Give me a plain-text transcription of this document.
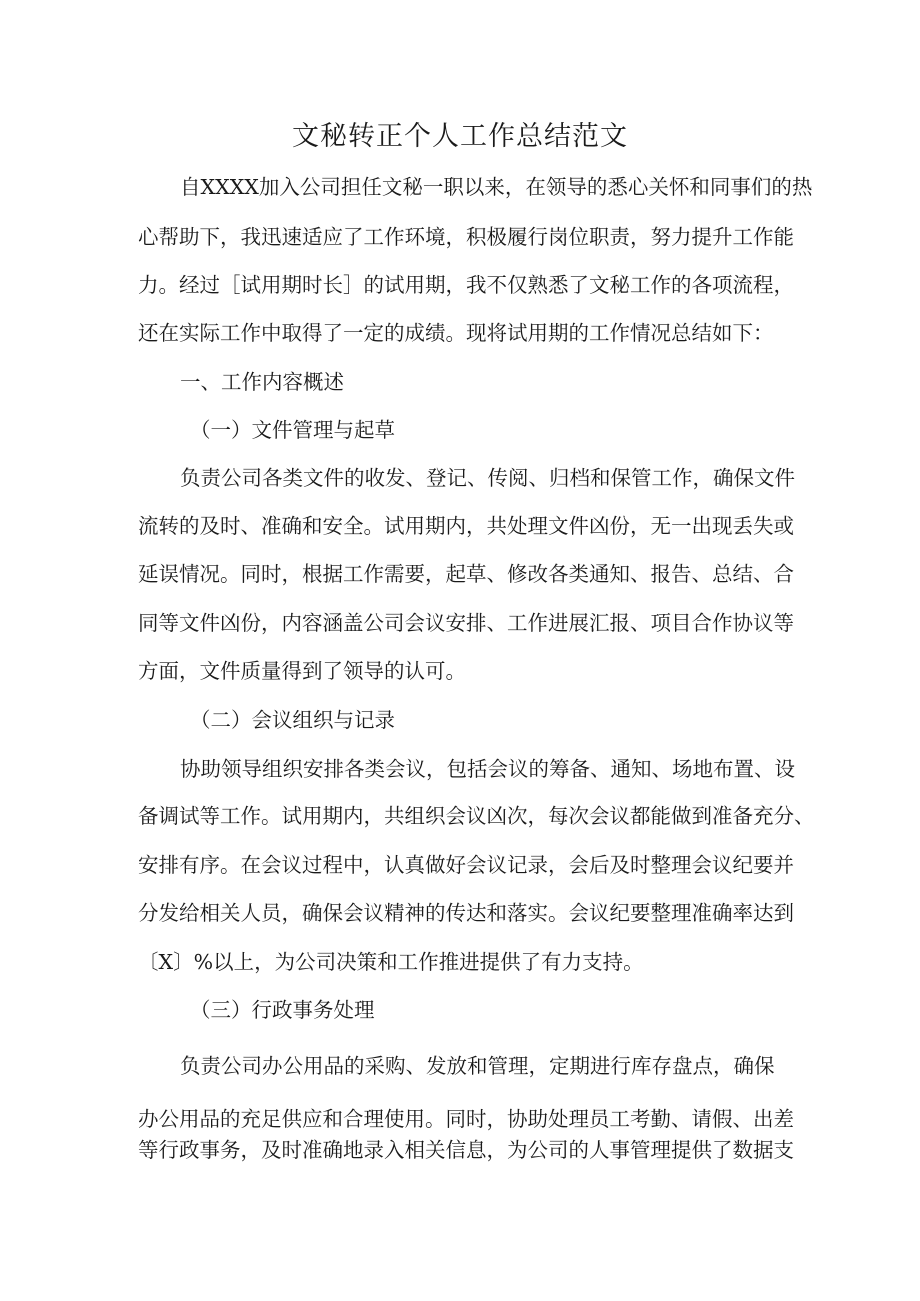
文秘转正个人工作总结范文
自XXXX加入公司担任文秘一职以来，在领导的悉心关怀和同事们的热
心帮助下，我迅速适应了工作环境，积极履行岗位职责，努力提升工作能
力。经过［试用期时长］的试用期，我不仅熟悉了文秘工作的各项流程，
还在实际工作中取得了一定的成绩。现将试用期的工作情况总结如下：
一、工作内容概述
（一）文件管理与起草
负责公司各类文件的收发、登记、传阅、归档和保管工作，确保文件
流转的及时、准确和安全。试用期内，共处理文件凶份，无一出现丢失或
延误情况。同时，根据工作需要，起草、修改各类通知、报告、总结、合
同等文件凶份，内容涵盖公司会议安排、工作进展汇报、项目合作协议等
方面，文件质量得到了领导的认可。
（二）会议组织与记录
协助领导组织安排各类会议，包括会议的筹备、通知、场地布置、设
备调试等工作。试用期内，共组织会议凶次，每次会议都能做到准备充分、
安排有序。在会议过程中，认真做好会议记录，会后及时整理会议纪要并
分发给相关人员，确保会议精神的传达和落实。会议纪要整理准确率达到
〔X〕%以上，为公司决策和工作推进提供了有力支持。
（三）行政事务处理
负责公司办公用品的采购、发放和管理，定期进行库存盘点，确保
办公用品的充足供应和合理使用。同时，协助处理员工考勤、请假、出差
等行政事务，及时准确地录入相关信息，为公司的人事管理提供了数据支
